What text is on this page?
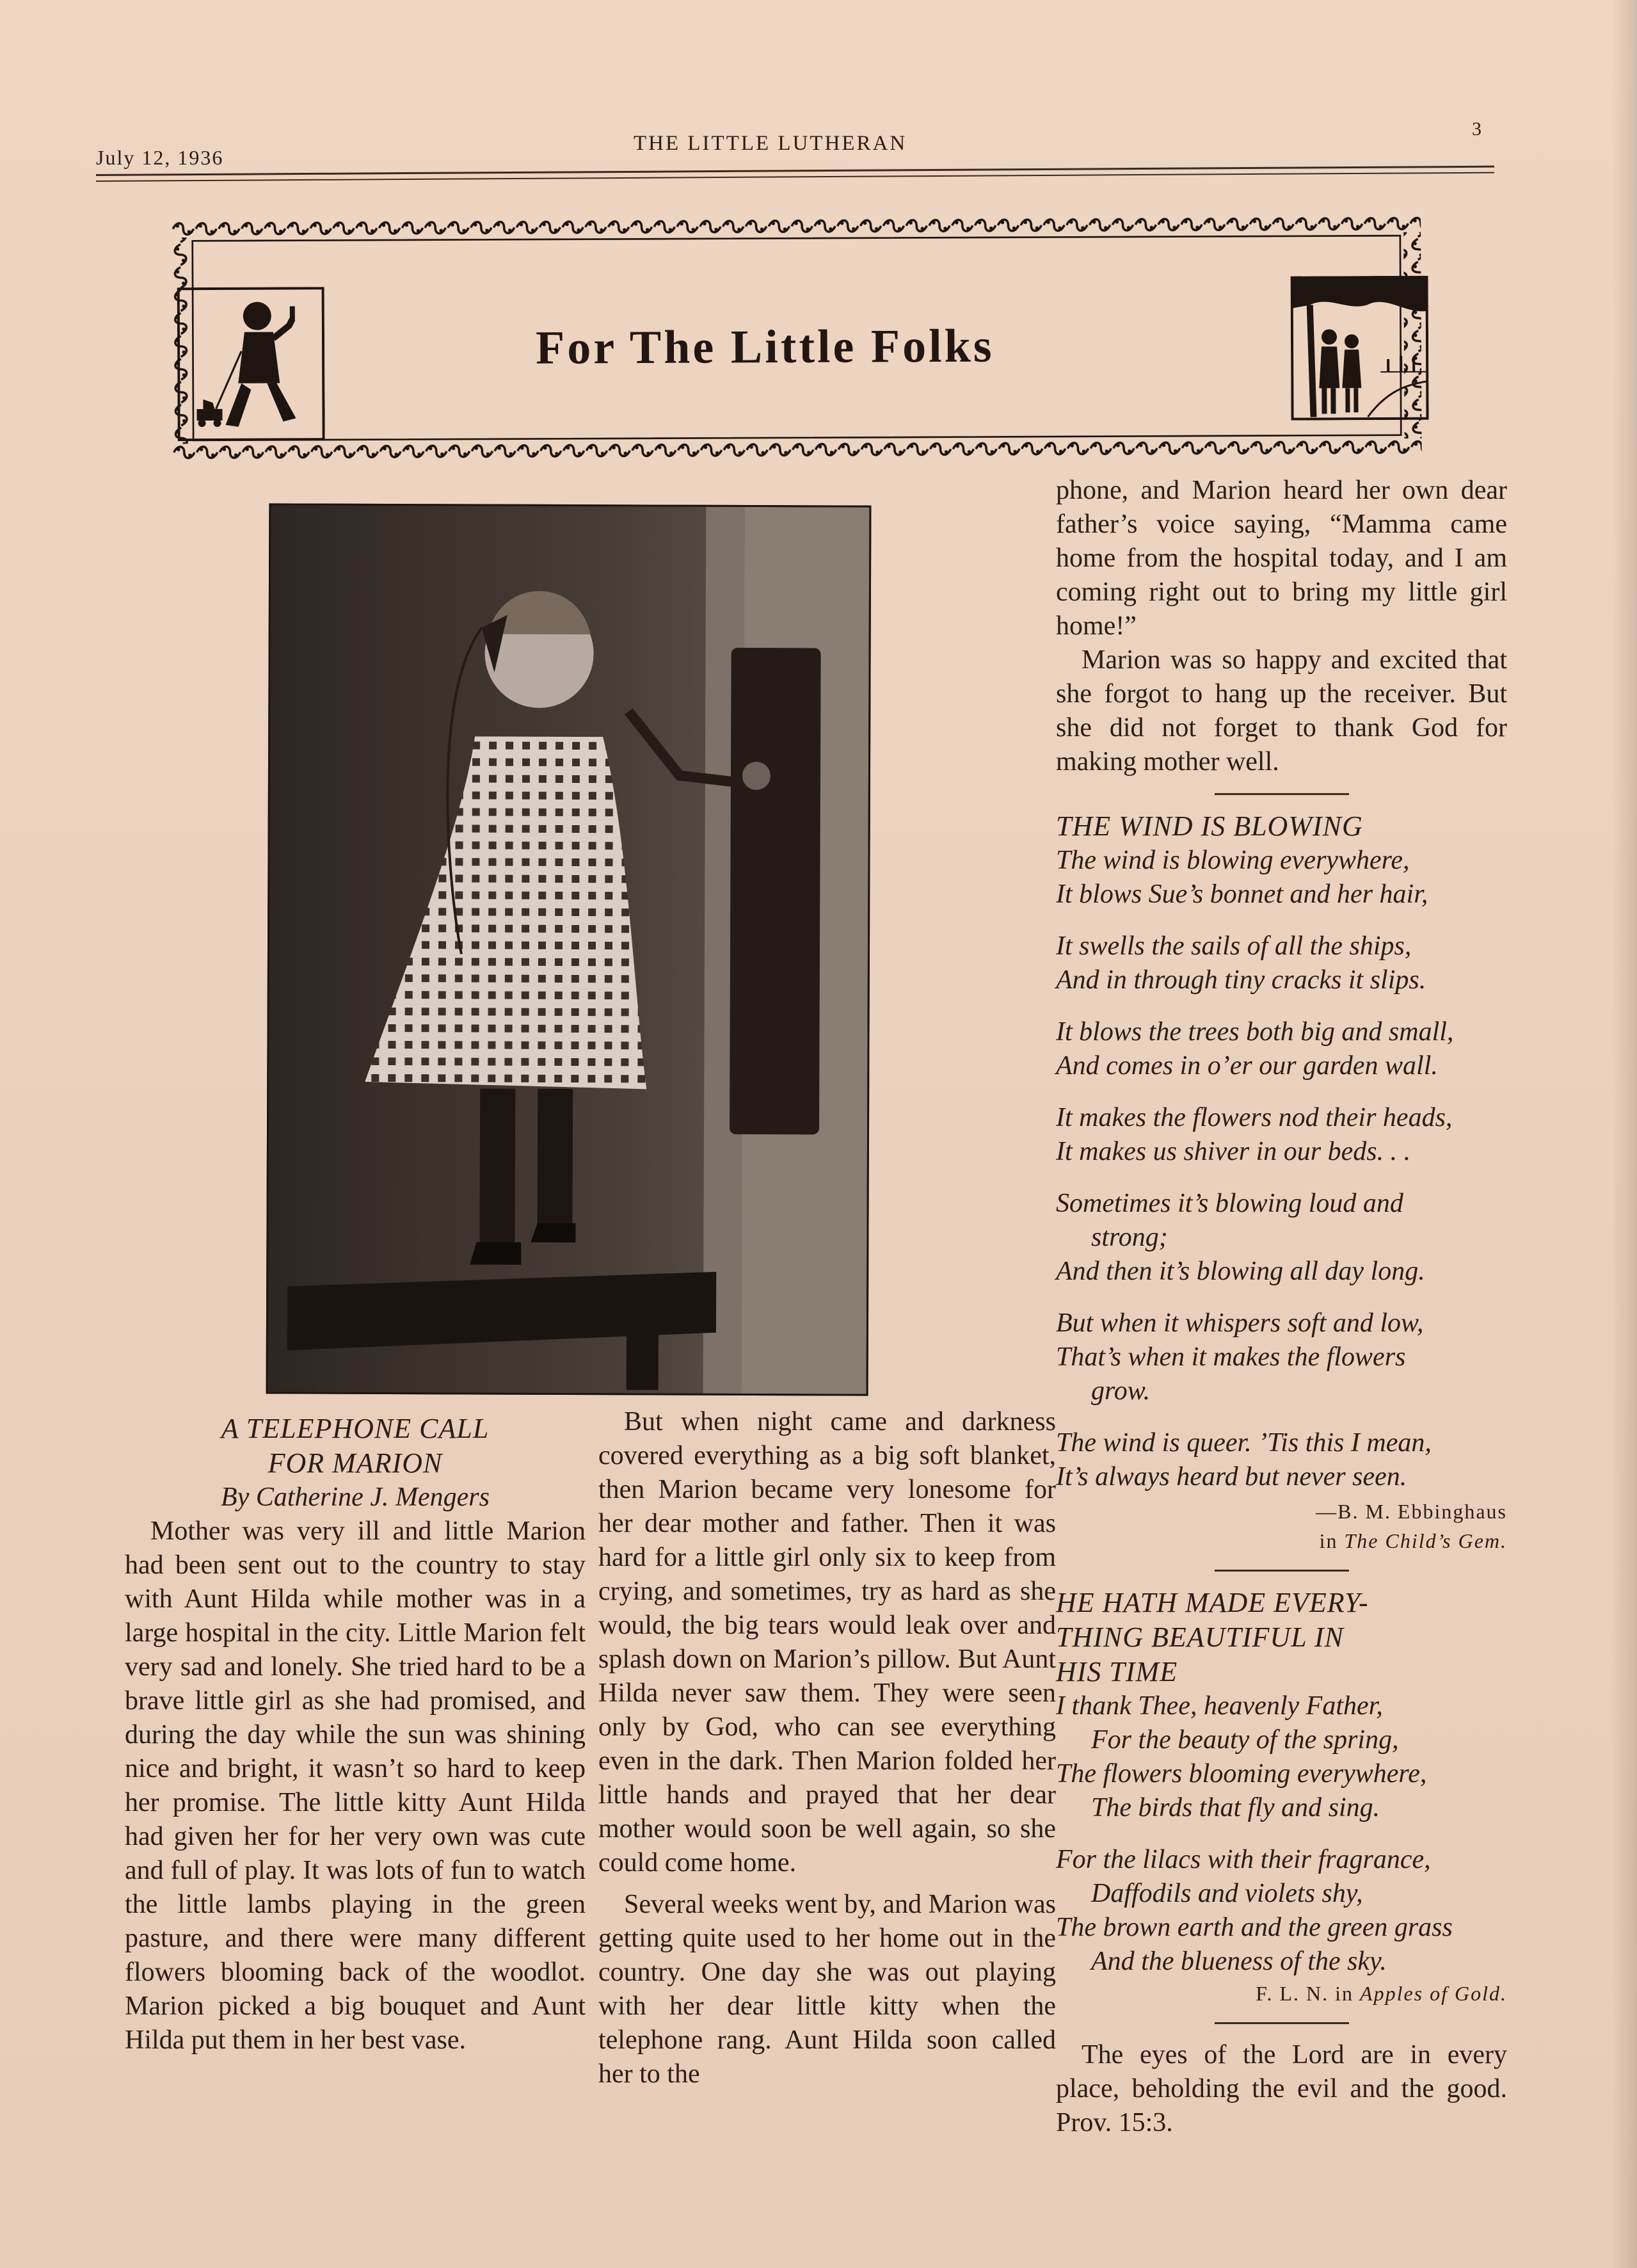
July 12, 1936
THE LITTLE LUTHERAN
3
For The Little Folks
A TELEPHONE CALL
FOR MARION
By Catherine J. Mengers

Mother was very ill and little Marion had been sent out to the country to stay with Aunt Hilda while mother was in a large hospital in the city. Little Marion felt very sad and lonely. She tried hard to be a brave little girl as she had promised, and during the day while the sun was shining nice and bright, it wasn’t so hard to keep her promise. The little kitty Aunt Hilda had given her for her very own was cute and full of play. It was lots of fun to watch the little lambs playing in the green pasture, and there were many different flowers blooming back of the woodlot. Marion picked a big bouquet and Aunt Hilda put them in her best vase.

But when night came and darkness covered everything as a big soft blanket, then Marion became very lonesome for her dear mother and father. Then it was hard for a little girl only six to keep from crying, and sometimes, try as hard as she would, the big tears would leak over and splash down on Marion’s pillow. But Aunt Hilda never saw them. They were seen only by God, who can see everything even in the dark. Then Marion folded her little hands and prayed that her dear mother would soon be well again, so she could come home.

Several weeks went by, and Marion was getting quite used to her home out in the country. One day she was out playing with her dear little kitty when the telephone rang. Aunt Hilda soon called her to the

phone, and Marion heard her own dear father’s voice saying, “Mamma came home from the hospital today, and I am coming right out to bring my little girl home!”

Marion was so happy and excited that she forgot to hang up the receiver. But she did not forget to thank God for making mother well.

THE WIND IS BLOWING

The wind is blowing everywhere,
It blows Sue’s bonnet and her hair,
It swells the sails of all the ships,
And in through tiny cracks it slips.
It blows the trees both big and small,
And comes in o’er our garden wall.
It makes the flowers nod their heads,
It makes us shiver in our beds. . .
Sometimes it’s blowing loud and
strong;
And then it’s blowing all day long.
But when it whispers soft and low,
That’s when it makes the flowers
grow.
The wind is queer. ’Tis this I mean,
It’s always heard but never seen.
—B. M. Ebbinghaus
in The Child’s Gem.

HE HATH MADE EVERY-

THING BEAUTIFUL IN

HIS TIME

I thank Thee, heavenly Father,
For the beauty of the spring,
The flowers blooming everywhere,
The birds that fly and sing.
For the lilacs with their fragrance,
Daffodils and violets shy,
The brown earth and the green grass
And the blueness of the sky.
F. L. N. in Apples of Gold.

The eyes of the Lord are in every place, beholding the evil and the good. Prov. 15:3.
